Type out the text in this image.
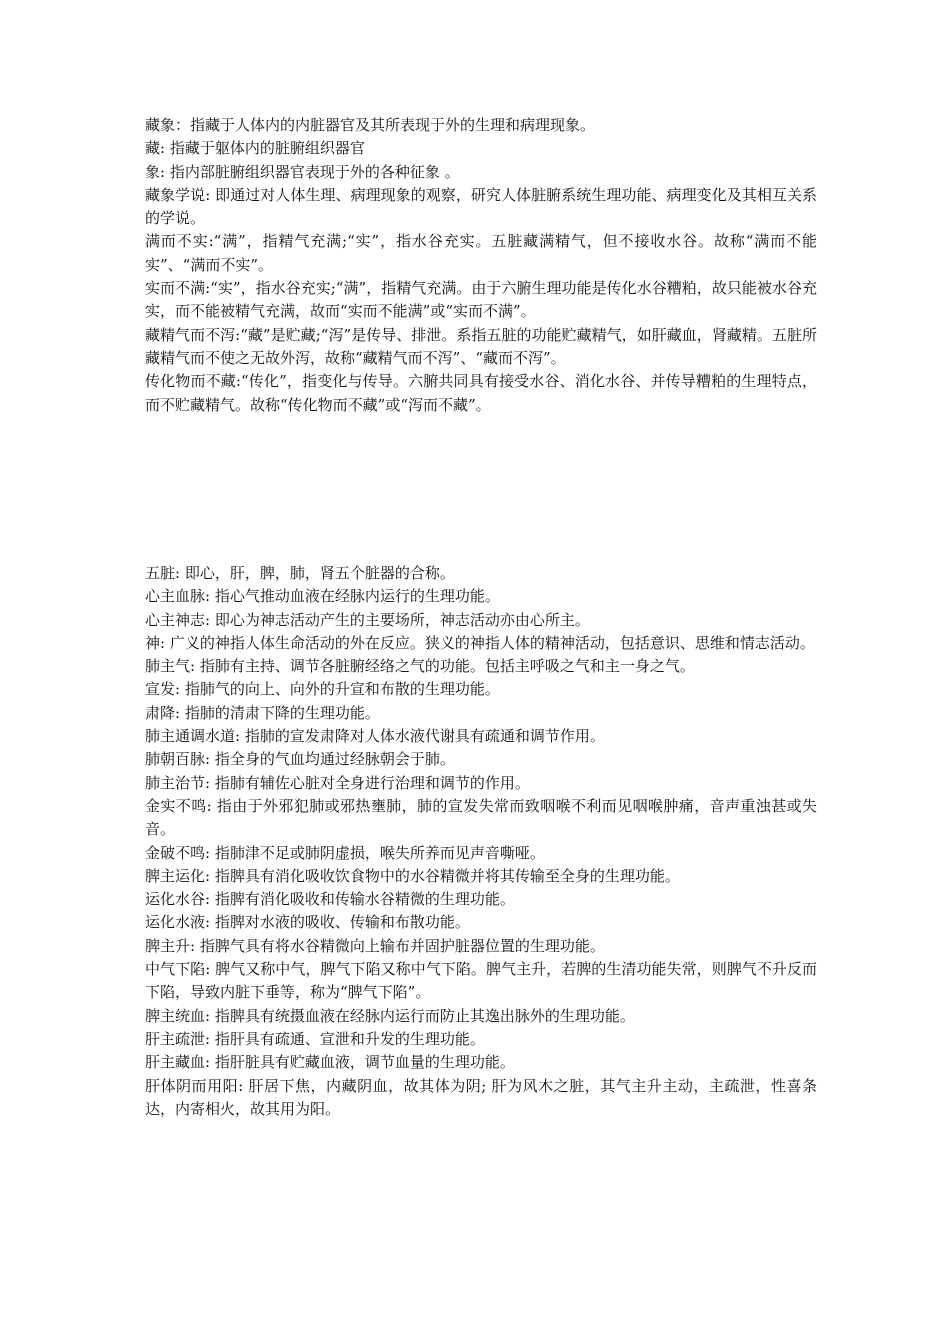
藏象：指藏于人体内的内脏器官及其所表现于外的生理和病理现象。

藏: 指藏于躯体内的脏腑组织器官

象: 指内部脏腑组织器官表现于外的各种征象 。

藏象学说: 即通过对人体生理、病理现象的观察，研究人体脏腑系统生理功能、病理变化及其相互关系的学说。

满而不实:“满”，指精气充满;“实”，指水谷充实。五脏藏满精气，但不接收水谷。故称“满而不能实”、“满而不实”。

实而不满:“实”，指水谷充实;“满”，指精气充满。由于六腑生理功能是传化水谷糟粕，故只能被水谷充实，而不能被精气充满，故而“实而不能满”或“实而不满”。

藏精气而不泻:“藏”是贮藏;“泻”是传导、排泄。系指五脏的功能贮藏精气，如肝藏血，肾藏精。五脏所藏精气而不使之无故外泻，故称“藏精气而不泻”、“藏而不泻”。

传化物而不藏:“传化”，指变化与传导。六腑共同具有接受水谷、消化水谷、并传导糟粕的生理特点，而不贮藏精气。故称“传化物而不藏”或“泻而不藏”。

五脏: 即心，肝，脾，肺，肾五个脏器的合称。

心主血脉: 指心气推动血液在经脉内运行的生理功能。

心主神志: 即心为神志活动产生的主要场所，神志活动亦由心所主。

神: 广义的神指人体生命活动的外在反应。狭义的神指人体的精神活动，包括意识、思维和情志活动。

肺主气: 指肺有主持、调节各脏腑经络之气的功能。包括主呼吸之气和主一身之气。

宣发: 指肺气的向上、向外的升宣和布散的生理功能。

肃降: 指肺的清肃下降的生理功能。

肺主通调水道: 指肺的宣发肃降对人体水液代谢具有疏通和调节作用。

肺朝百脉: 指全身的气血均通过经脉朝会于肺。

肺主治节: 指肺有辅佐心脏对全身进行治理和调节的作用。

金实不鸣: 指由于外邪犯肺或邪热壅肺，肺的宣发失常而致咽喉不利而见咽喉肿痛，音声重浊甚或失音。

金破不鸣: 指肺津不足或肺阴虚损，喉失所养而见声音嘶哑。

脾主运化: 指脾具有消化吸收饮食物中的水谷精微并将其传输至全身的生理功能。

运化水谷: 指脾有消化吸收和传输水谷精微的生理功能。

运化水液: 指脾对水液的吸收、传输和布散功能。

脾主升: 指脾气具有将水谷精微向上输布并固护脏器位置的生理功能。

中气下陷: 脾气又称中气，脾气下陷又称中气下陷。脾气主升，若脾的生清功能失常，则脾气不升反而下陷，导致内脏下垂等，称为“脾气下陷”。

脾主统血: 指脾具有统摄血液在经脉内运行而防止其逸出脉外的生理功能。

肝主疏泄: 指肝具有疏通、宣泄和升发的生理功能。

肝主藏血: 指肝脏具有贮藏血液，调节血量的生理功能。

肝体阴而用阳: 肝居下焦，内藏阴血，故其体为阴; 肝为风木之脏，其气主升主动，主疏泄，性喜条达，内寄相火，故其用为阳。
